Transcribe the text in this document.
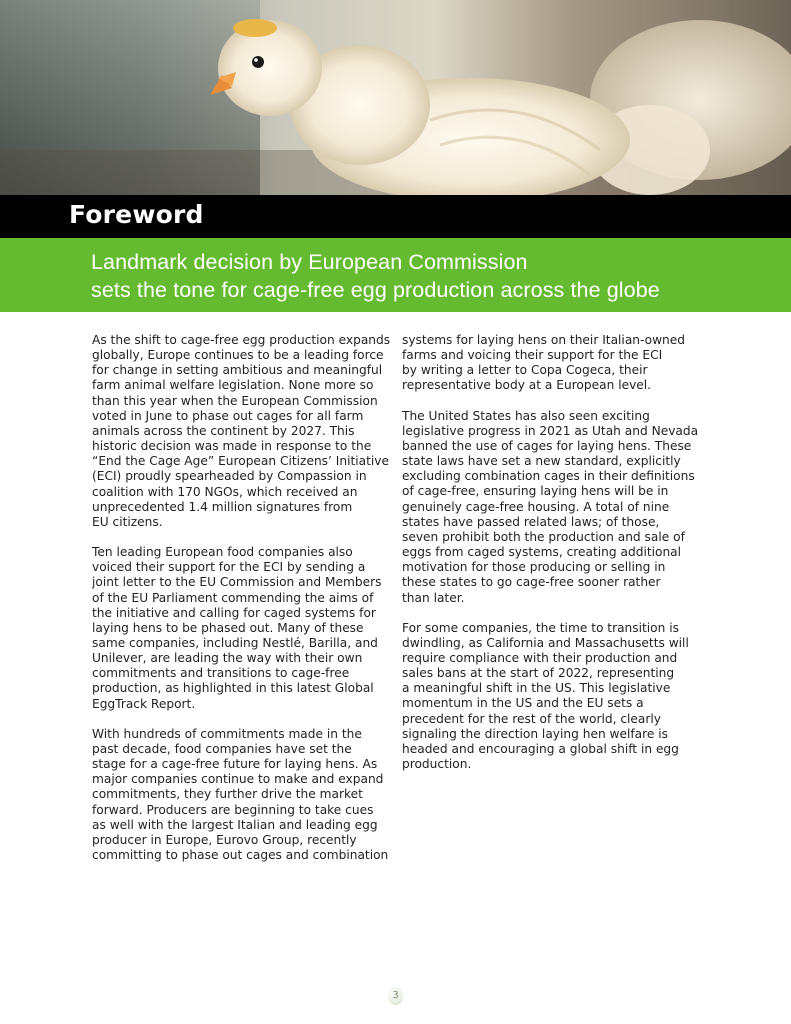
Foreword
Landmark decision by European Commission
sets the tone for cage-free egg production across the globe

As the shift to cage-free egg production expands
globally, Europe continues to be a leading force
for change in setting ambitious and meaningful
farm animal welfare legislation. None more so
than this year when the European Commission
voted in June to phase out cages for all farm
animals across the continent by 2027. This
historic decision was made in response to the
“End the Cage Age” European Citizens’ Initiative
(ECI) proudly spearheaded by Compassion in
coalition with 170 NGOs, which received an
unprecedented 1.4 million signatures from
EU citizens.

Ten leading European food companies also
voiced their support for the ECI by sending a
joint letter to the EU Commission and Members
of the EU Parliament commending the aims of
the initiative and calling for caged systems for
laying hens to be phased out. Many of these
same companies, including Nestlé, Barilla, and
Unilever, are leading the way with their own
commitments and transitions to cage-free
production, as highlighted in this latest Global
EggTrack Report.

With hundreds of commitments made in the
past decade, food companies have set the
stage for a cage-free future for laying hens. As
major companies continue to make and expand
commitments, they further drive the market
forward. Producers are beginning to take cues
as well with the largest Italian and leading egg
producer in Europe, Eurovo Group, recently
committing to phase out cages and combination

systems for laying hens on their Italian-owned
farms and voicing their support for the ECI
by writing a letter to Copa Cogeca, their
representative body at a European level.

The United States has also seen exciting
legislative progress in 2021 as Utah and Nevada
banned the use of cages for laying hens. These
state laws have set a new standard, explicitly
excluding combination cages in their definitions
of cage-free, ensuring laying hens will be in
genuinely cage-free housing. A total of nine
states have passed related laws; of those,
seven prohibit both the production and sale of
eggs from caged systems, creating additional
motivation for those producing or selling in
these states to go cage-free sooner rather
than later.

For some companies, the time to transition is
dwindling, as California and Massachusetts will
require compliance with their production and
sales bans at the start of 2022, representing
a meaningful shift in the US. This legislative
momentum in the US and the EU sets a
precedent for the rest of the world, clearly
signaling the direction laying hen welfare is
headed and encouraging a global shift in egg
production.

3
